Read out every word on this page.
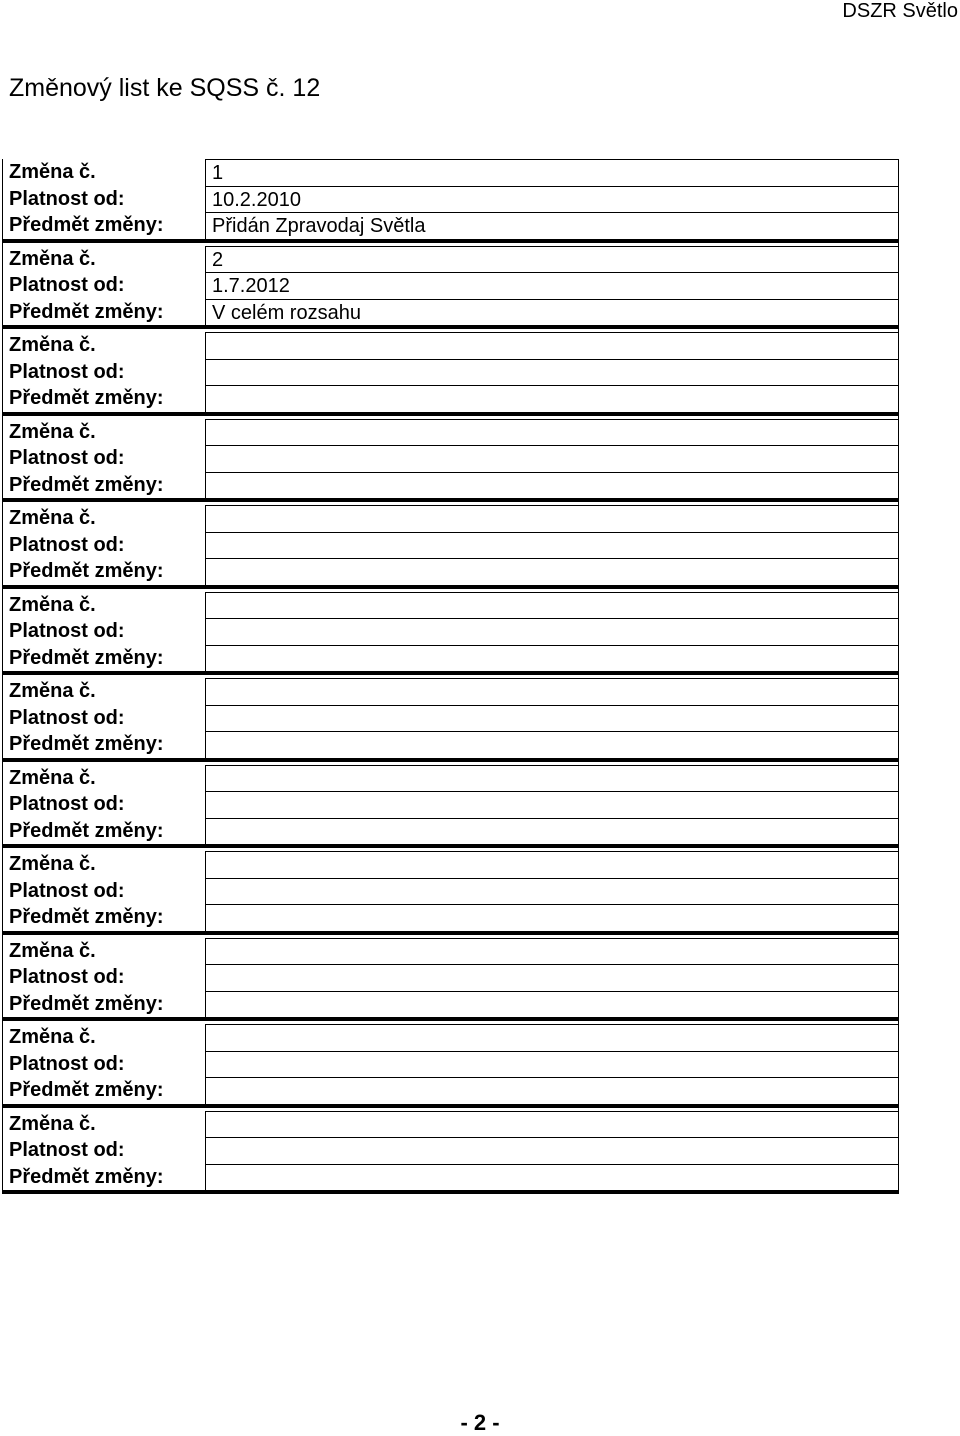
DSZR Světlo
Změnový list ke SQSS č. 12
Změna č.	1
Platnost od:	10.2.2010
Předmět změny:	Přidán Zpravodaj Světla
Změna č.	2
Platnost od:	1.7.2012
Předmět změny:	V celém rozsahu
Změna č.
Platnost od:
Předmět změny:
Změna č.
Platnost od:
Předmět změny:
Změna č.
Platnost od:
Předmět změny:
Změna č.
Platnost od:
Předmět změny:
Změna č.
Platnost od:
Předmět změny:
Změna č.
Platnost od:
Předmět změny:
Změna č.
Platnost od:
Předmět změny:
Změna č.
Platnost od:
Předmět změny:
Změna č.
Platnost od:
Předmět změny:
Změna č.
Platnost od:
Předmět změny:
- 2 -
